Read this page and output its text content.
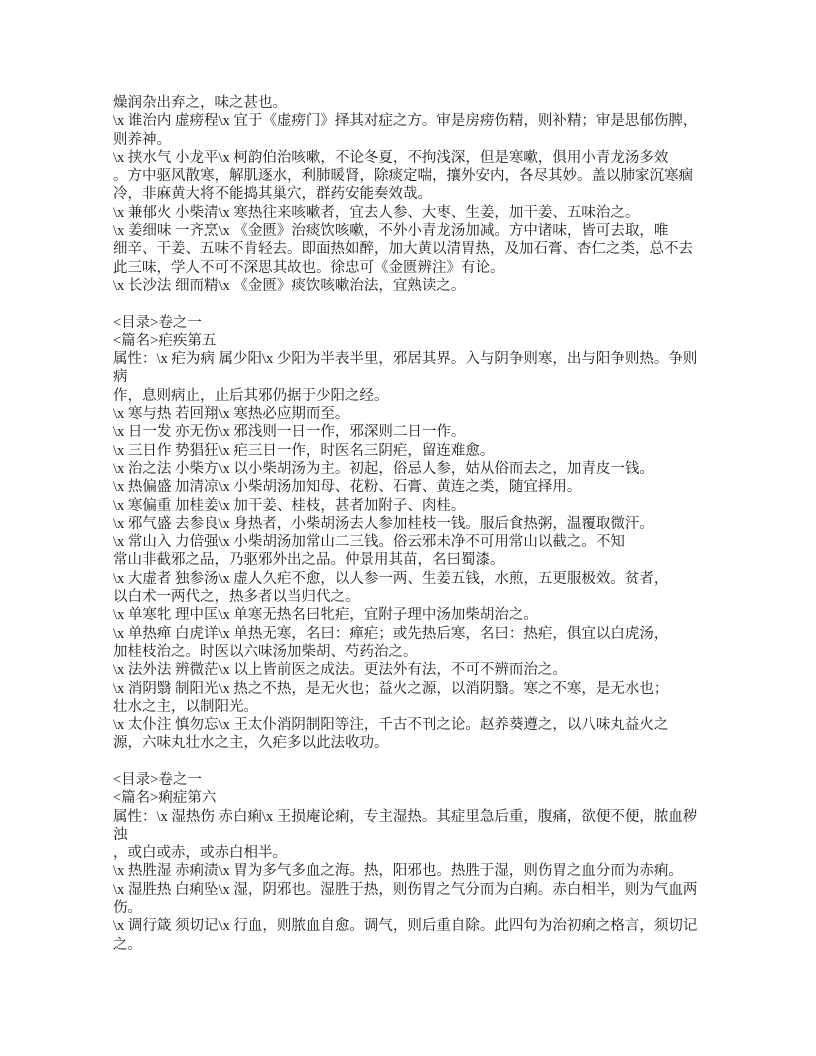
燥润杂出弃之，味之甚也。
\x 谁治内 虚痨程\x 宜于《虚痨门》择其对症之方。审是房痨伤精，则补精；审是思郁伤脾，
则养神。
\x 挟水气 小龙平\x 柯韵伯治咳嗽，不论冬夏，不拘浅深，但是寒嗽，俱用小青龙汤多效
。方中驱风散寒，解肌逐水，利肺暖肾，除痰定喘，攘外安内，各尽其妙。盖以肺家沉寒痼
冷，非麻黄大将不能捣其巢穴，群药安能奏效哉。
\x 兼郁火 小柴清\x 寒热往来咳嗽者，宜去人参、大枣、生姜，加干姜、五味治之。
\x 姜细味 一齐烹\x 《金匮》治痰饮咳嗽，不外小青龙汤加减。方中诸味，皆可去取，唯
细辛、干姜、五味不肯轻去。即面热如醉，加大黄以清胃热，及加石膏、杏仁之类，总不去
此三味，学人不可不深思其故也。徐忠可《金匮辨注》有论。
\x 长沙法 细而精\x 《金匮》痰饮咳嗽治法，宜熟读之。

<目录>卷之一
<篇名>疟疾第五
属性：\x 疟为病 属少阳\x 少阳为半表半里，邪居其界。入与阴争则寒，出与阳争则热。争则
病
作，息则病止，止后其邪仍据于少阳之经。
\x 寒与热 若回翔\x 寒热必应期而至。
\x 日一发 亦无伤\x 邪浅则一日一作，邪深则二日一作。
\x 三日作 势猖狂\x 疟三日一作，时医名三阴疟，留连难愈。
\x 治之法 小柴方\x 以小柴胡汤为主。初起，俗忌人参，姑从俗而去之，加青皮一钱。
\x 热偏盛 加清凉\x 小柴胡汤加知母、花粉、石膏、黄连之类，随宜择用。
\x 寒偏重 加桂姜\x 加干姜、桂枝，甚者加附子、肉桂。
\x 邪气盛 去参良\x 身热者，小柴胡汤去人参加桂枝一钱。服后食热粥，温覆取微汗。
\x 常山入 力倍强\x 小柴胡汤加常山二三钱。俗云邪未净不可用常山以截之。不知
常山非截邪之品，乃驱邪外出之品。仲景用其苗，名曰蜀漆。
\x 大虚者 独参汤\x 虚人久疟不愈，以人参一两、生姜五钱，水煎，五更服极效。贫者，
以白术一两代之，热多者以当归代之。
\x 单寒牝 理中匡\x 单寒无热名曰牝疟，宜附子理中汤加柴胡治之。
\x 单热瘅 白虎详\x 单热无寒，名曰：瘅疟；或先热后寒，名曰：热疟，俱宜以白虎汤，
加桂枝治之。时医以六味汤加柴胡、芍药治之。
\x 法外法 辨微茫\x 以上皆前医之成法。更法外有法，不可不辨而治之。
\x 消阴翳 制阳光\x 热之不热，是无火也；益火之源，以消阴翳。寒之不寒，是无水也；
壮水之主，以制阳光。
\x 太仆注 慎勿忘\x 王太仆消阴制阳等注，千古不刊之论。赵养葵遵之，以八味丸益火之
源，六味丸壮水之主，久疟多以此法收功。

<目录>卷之一
<篇名>痢症第六
属性：\x 湿热伤 赤白痢\x 王损庵论痢，专主湿热。其症里急后重，腹痛，欲便不便，脓血秽
浊
，或白或赤，或赤白相半。
\x 热胜湿 赤痢渍\x 胃为多气多血之海。热，阳邪也。热胜于湿，则伤胃之血分而为赤痢。
\x 湿胜热 白痢坠\x 湿，阴邪也。湿胜于热，则伤胃之气分而为白痢。赤白相半，则为气血两
伤。
\x 调行箴 须切记\x 行血，则脓血自愈。调气，则后重自除。此四句为治初痢之格言，须切记
之。
